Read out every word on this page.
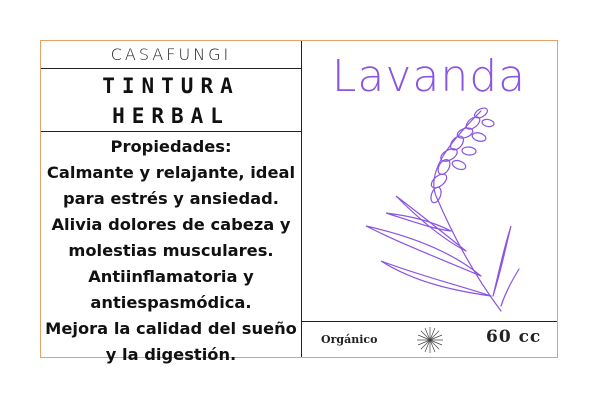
CASAFUNGI
TINTURA
HERBAL
Propiedades:
Calmante y relajante, ideal
para estrés y ansiedad.
Alivia dolores de cabeza y
molestias musculares.
Antiinflamatoria y
antiespasmódica.
Mejora la calidad del sueño
y la digestión.
Lavanda
Orgánico	60 cc
